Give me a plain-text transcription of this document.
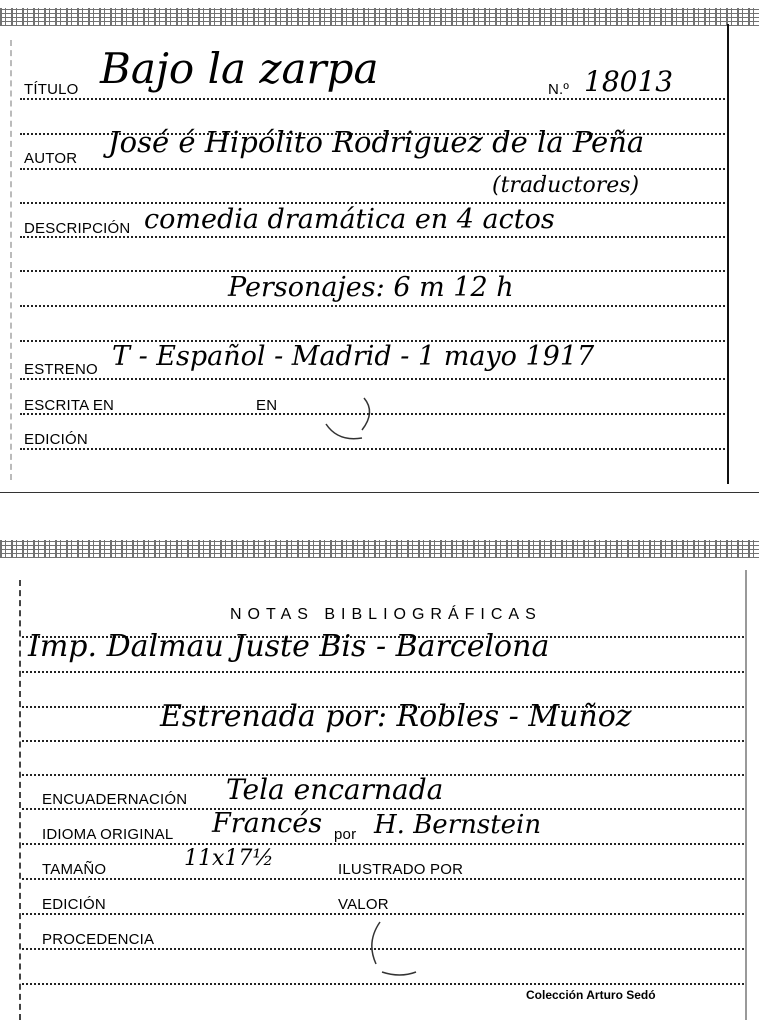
TÍTULO Bajo la zarpa	N.º 18013
AUTOR José é Hipólito Rodriguez de la Peña
(traductores)
DESCRIPCIÓN comedia dramática en 4 actos
Personajes: 6 m 12 h
ESTRENO T - Español - Madrid - 1 mayo 1917
ESCRITA EN	EN
EDICIÓN
NOTAS BIBLIOGRÁFICAS
Imp. Dalmau Juste Bis - Barcelona
Estrenada por: Robles - Muñoz
ENCUADERNACIÓN Tela encarnada
IDIOMA ORIGINAL Francés por H. Bernstein
TAMAÑO	11x17½	ILUSTRADO POR
EDICIÓN	VALOR
PROCEDENCIA
Colección Arturo Sedó
